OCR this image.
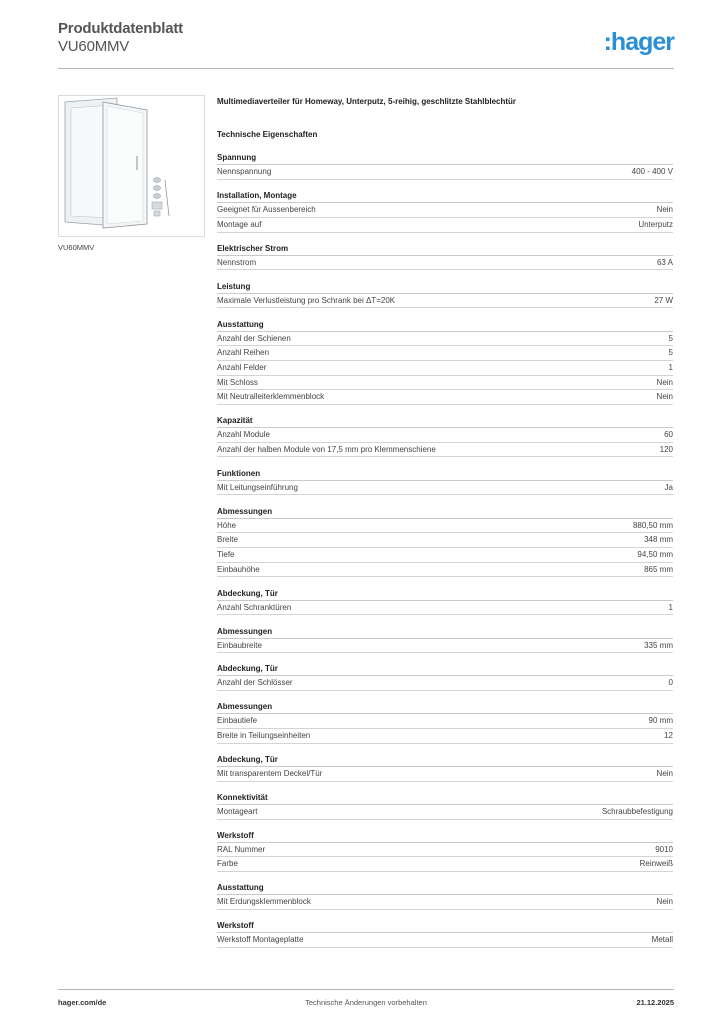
Produktdatenblatt
VU60MMV	:hager
VU60MMV
Multimediaverteiler für Homeway, Unterputz, 5-reihig, geschlitzte Stahlblechtür
Technische Eigenschaften
Spannung
Nennspannung	400 - 400 V
Installation, Montage
Geeignet für Aussenbereich	Nein
Montage auf	Unterputz
Elektrischer Strom
Nennstrom	63 A
Leistung
Maximale Verlustleistung pro Schrank bei ΔT=20K	27 W
Ausstattung
Anzahl der Schienen	5
Anzahl Reihen	5
Anzahl Felder	1
Mit Schloss	Nein
Mit Neutralleiterklemmenblock	Nein
Kapazität
Anzahl Module	60
Anzahl der halben Module von 17,5 mm pro Klemmenschiene	120
Funktionen
Mit Leitungseinführung	Ja
Abmessungen
Höhe	880,50 mm
Breite	348 mm
Tiefe	94,50 mm
Einbauhöhe	865 mm
Abdeckung, Tür
Anzahl Schranktüren	1
Abmessungen
Einbaubreite	335 mm
Abdeckung, Tür
Anzahl der Schlösser	0
Abmessungen
Einbautiefe	90 mm
Breite in Teilungseinheiten	12
Abdeckung, Tür
Mit transparentem Deckel/Tür	Nein
Konnektivität
Montageart	Schraubbefestigung
Werkstoff
RAL Nummer	9010
Farbe	Reinweiß
Ausstattung
Mit Erdungsklemmenblock	Nein
Werkstoff
Werkstoff Montageplatte	Metall
hager.com/de	Technische Änderungen vorbehalten	21.12.2025
